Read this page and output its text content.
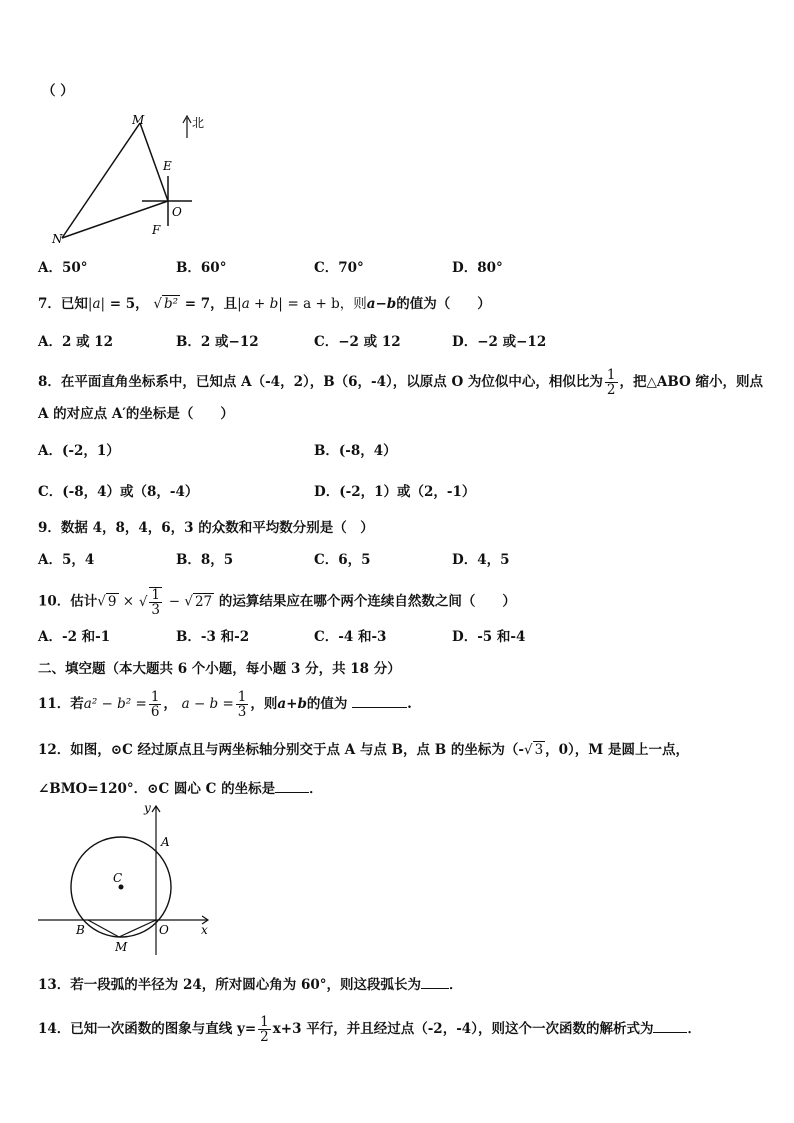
（ ）
M
N
E
O
F
北
A．50°	B．60°	C．70°	D．80°
7．已知|a| = 5， √ b² = 7，且|a + b| = a + b，则a−b的值为（　　）
A．2 或 12	B．2 或−12	C．−2 或 12	D．−2 或−12
8．在平面直角坐标系中，已知点 A（-4，2），B（6，-4），以原点 O 为位似中心，相似比为 $\frac{1}{2}$ ，把△ABO 缩小，则点
A 的对应点 A′的坐标是（　　）
A．(-2，1）	B．(-8，4）
C．(-8，4）或（8，-4）	D．(-2，1）或（2，-1）
9．数据 4，8，4，6，3 的众数和平均数分别是（　）
A．5，4	B．8，5	C．6，5	D．4，5
10．估计√ 9 × √ $\frac{1}{3}$ − √ 27 的运算结果应在哪个两个连续自然数之间（　　）
A．-2 和-1	B．-3 和-2	C．-4 和-3	D．-5 和-4
二、填空题（本大题共 6 个小题，每小题 3 分，共 18 分）
11．若$a^2 - b^2 = \frac{1}{6}$ ， $a - b = \frac{1}{3}$ ，则a+b的值为	.
12．如图，⊙C 经过原点且与两坐标轴分别交于点 A 与点 B，点 B 的坐标为（-√ 3 ，0），M 是圆上一点，
∠BMO=120°．⊙C 圆心 C 的坐标是	．
y
x
A
C
B
M
O
13．若一段弧的半径为 24，所对圆心角为 60°，则这段弧长为 ．
14．已知一次函数的图象与直线 $y= \frac{1}{2} x+3$ 平行，并且经过点（-2，-4），则这个一次函数的解析式为	．
